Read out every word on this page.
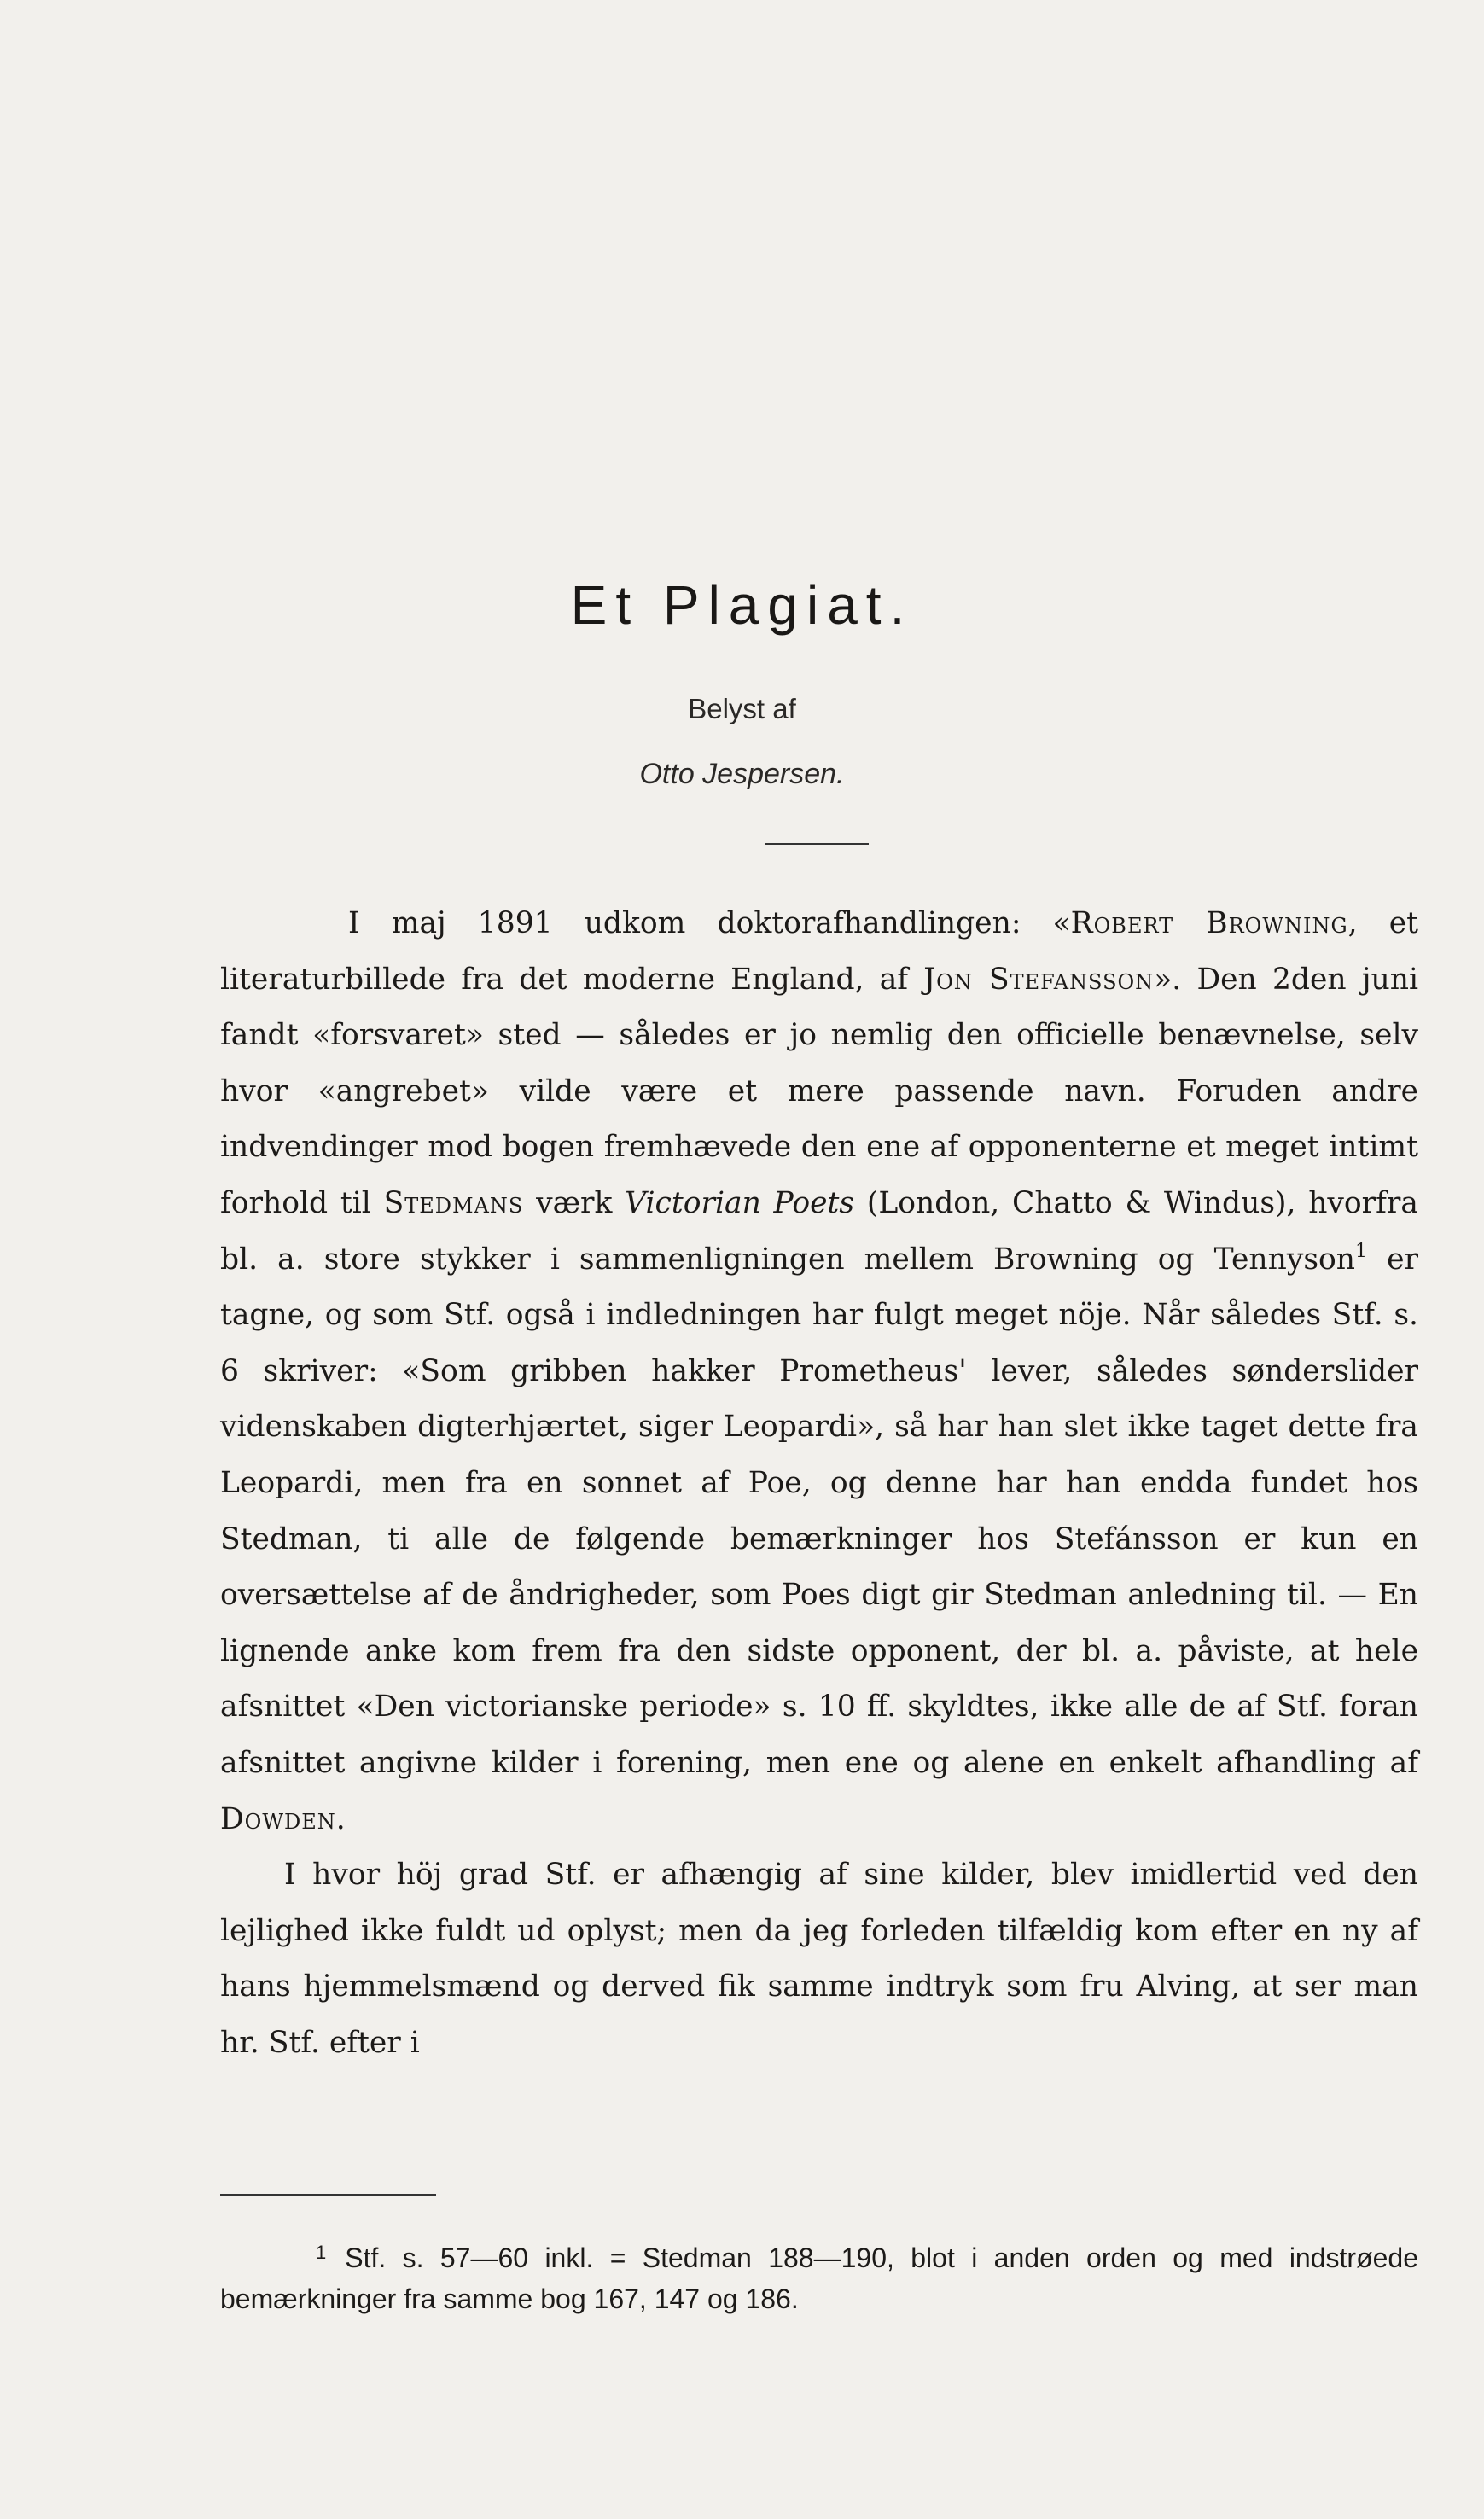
Et Plagiat.
Belyst af
Otto Jespersen.

I maj 1891 udkom doktorafhandlingen: «Robert Browning, et literaturbillede fra det moderne England, af Jon Stefansson». Den 2den juni fandt «forsvaret» sted — således er jo nemlig den officielle benævnelse, selv hvor «angrebet» vilde være et mere passende navn. Foruden andre indvendinger mod bogen fremhævede den ene af opponenterne et meget intimt forhold til Stedmans værk Victorian Poets (London, Chatto & Windus), hvorfra bl. a. store stykker i sammenligningen mellem Browning og Tennyson$^1$ er tagne, og som Stf. også i indledningen har fulgt meget nöje. Når således Stf. s. 6 skriver: «Som gribben hakker Prometheus' lever, således sønderslider videnskaben digterhjærtet, siger Leopardi», så har han slet ikke taget dette fra Leopardi, men fra en sonnet af Poe, og denne har han endda fundet hos Stedman, ti alle de følgende bemærkninger hos Stefánsson er kun en oversættelse af de åndrigheder, som Poes digt gir Stedman anledning til. — En lignende anke kom frem fra den sidste opponent, der bl. a. påviste, at hele afsnittet «Den victorianske periode» s. 10 ff. skyldtes, ikke alle de af Stf. foran afsnittet angivne kilder i forening, men ene og alene en enkelt afhandling af Dowden.

I hvor höj grad Stf. er afhængig af sine kilder, blev imidlertid ved den lejlighed ikke fuldt ud oplyst; men da jeg forleden tilfældig kom efter en ny af hans hjemmelsmænd og derved fik samme indtryk som fru Alving, at ser man hr. Stf. efter i

$^1$ Stf. s. 57—60 inkl. = Stedman 188—190, blot i anden orden og med indstrøede bemærkninger fra samme bog 167, 147 og 186.
